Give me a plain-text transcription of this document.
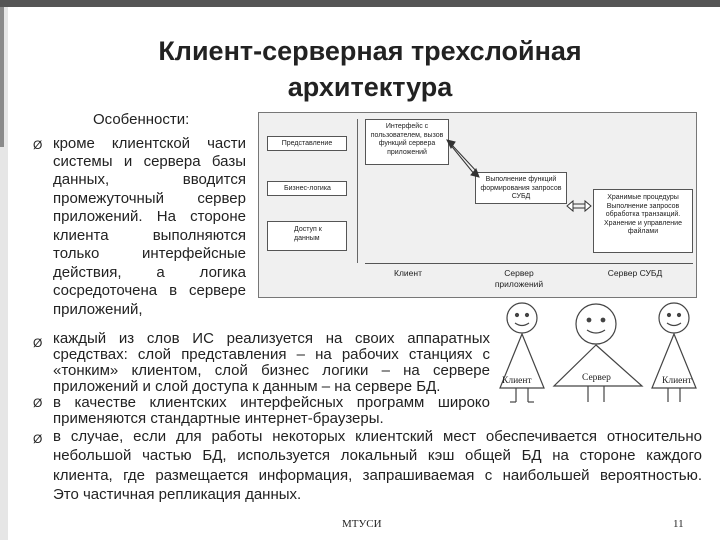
Клиент-серверная трехслойная
архитектура
Особенности:
Ø
Ø
Ø
Ø
кроме клиентской части
системы и сервера базы
данных, вводится
промежуточный сервер
приложений. На стороне
клиента выполняются
только интерфейсные
действия, а логика
сосредоточена в сервере
приложений,
каждый из слов ИС реализуется на своих аппаратных
средствах: слой представления – на рабочих станциях с
«тонким» клиентом, слой бизнес логики – на сервере
приложений и слой доступа к данным – на сервере БД.
в качестве клиентских интерфейсных программ широко
применяются стандартные интернет-браузеры.
в случае, если для работы некоторых клиентский мест обеспечивается относительно
небольшой частью БД, используется локальный кэш общей БД на стороне каждого
клиента, где размещается информация, запрашиваемая с наибольшей вероятностью.
Это частичная репликация данных.
Представление
Бизнес-логика
Доступ к данным
Интерфейс с пользователем, вызов функций сервера приложений
Выполнение функций формирования запросов СУБД	Хранимые процедуры Выполнение запросов обработка транзакций. Хранение и управление файлами
Клиент	Сервер приложений
Сервер СУБД
Клиент	Сервер	Клиент
МТУСИ	11
